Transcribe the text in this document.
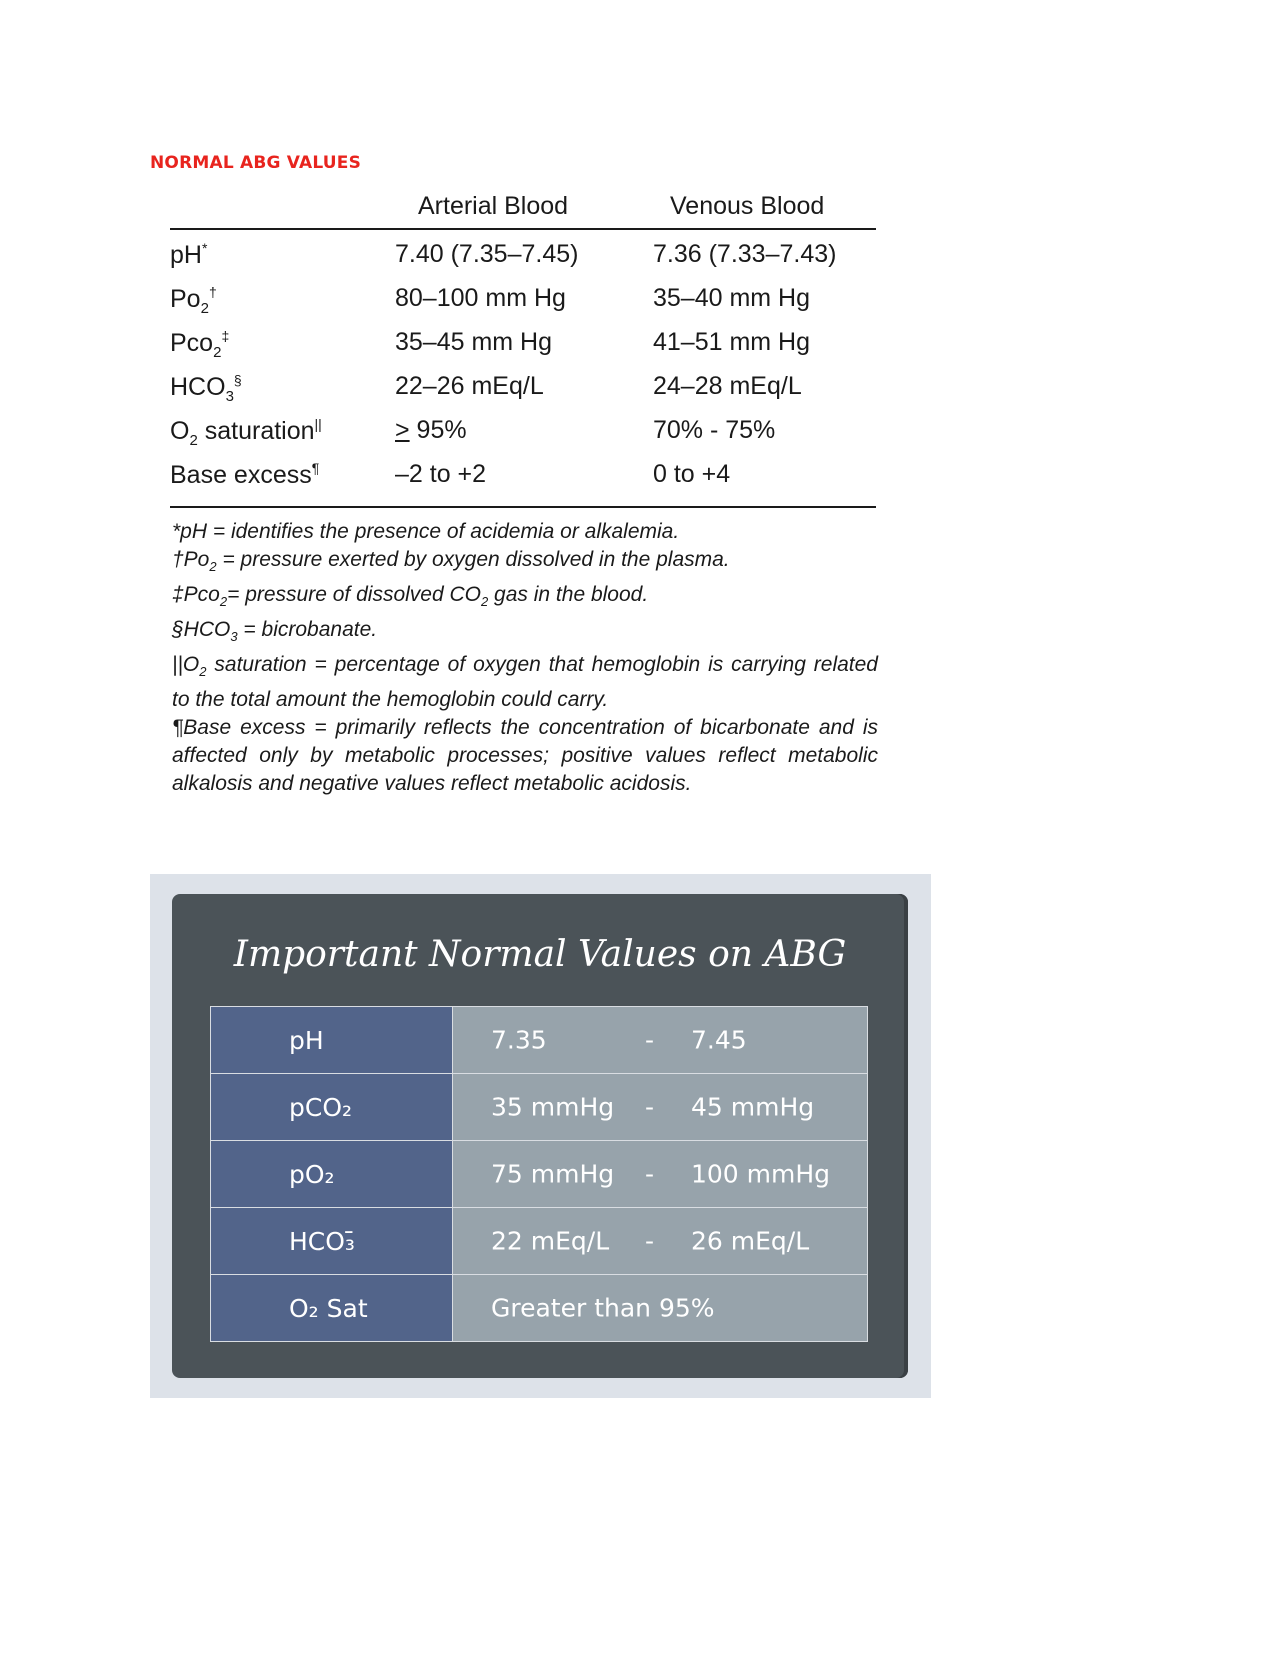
NORMAL ABG VALUES
Arterial Blood	Venous Blood
pH*	7.40 (7.35–7.45)	7.36 (7.33–7.43)
$Po_2^\dagger$	80–100 mm Hg	35–40 mm Hg
Pco$_2$‡	35–45 mm Hg	41–51 mm Hg
$HCO_3^\S$	22–26 mEq/L	24–28 mEq/L
$O_2$ saturation||	> 95%	70% - 75%
Base excess¶	–2 to +2	0 to +4

*pH = identifies the presence of acidemia or alkalemia.

$\dagger Po_2$ = pressure exerted by oxygen dissolved in the plasma.

‡Pco$_2$= pressure of dissolved $CO_2$ gas in the blood.

$\S HCO_3$ = bicrobanate.

$||O_2$ saturation = percentage of oxygen that hemoglobin is carrying related to the total amount the hemoglobin could carry.

¶Base excess = primarily reflects the concentration of bicarbonate and is affected only by metabolic processes; positive values reflect metabolic alkalosis and negative values reflect metabolic acidosis.

Important Normal Values on ABG
pH	7.35	- 7.45
pCO₂	35 mmHg - 45 mmHg
pO₂	75 mmHg - 100 mmHg
HCO₃̄	22 mEq/L - 26 mEq/L
O₂ Sat	Greater than 95%
